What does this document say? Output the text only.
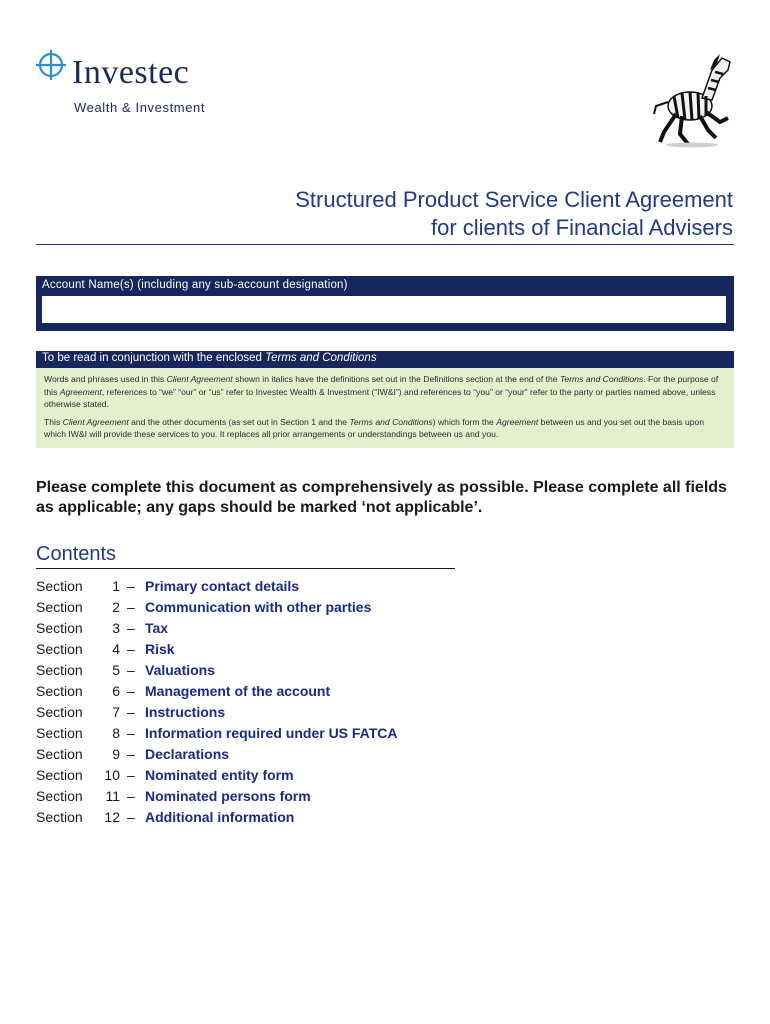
Investec
Wealth & Investment
Structured Product Service Client Agreement
for clients of Financial Advisers
Account Name(s) (including any sub-account designation)
To be read in conjunction with the enclosed Terms and Conditions

Words and phrases used in this Client Agreement shown in italics have the definitions set out in the Definitions section at the end of the Terms and Conditions. For the purpose of this Agreement, references to “we” “our” or “us” refer to Investec Wealth & Investment (“IW&I”) and references to “you” or “your” refer to the party or parties named above, unless otherwise stated.

This Client Agreement and the other documents (as set out in Section 1 and the Terms and Conditions) which form the Agreement between us and you set out the basis upon which IW&I will provide these services to you. It replaces all prior arrangements or understandings between us and you.

Please complete this document as comprehensively as possible. Please complete all fields as applicable; any gaps should be marked ‘not applicable’.
Contents
Section	1 – Primary contact details
Section	2 – Communication with other parties
Section	3 – Tax
Section	4 – Risk
Section	5 – Valuations
Section	6 – Management of the account
Section	7 – Instructions
Section	8 – Information required under US FATCA
Section	9 – Declarations
Section	10 – Nominated entity form
Section	11 – Nominated persons form
Section	12 – Additional information
